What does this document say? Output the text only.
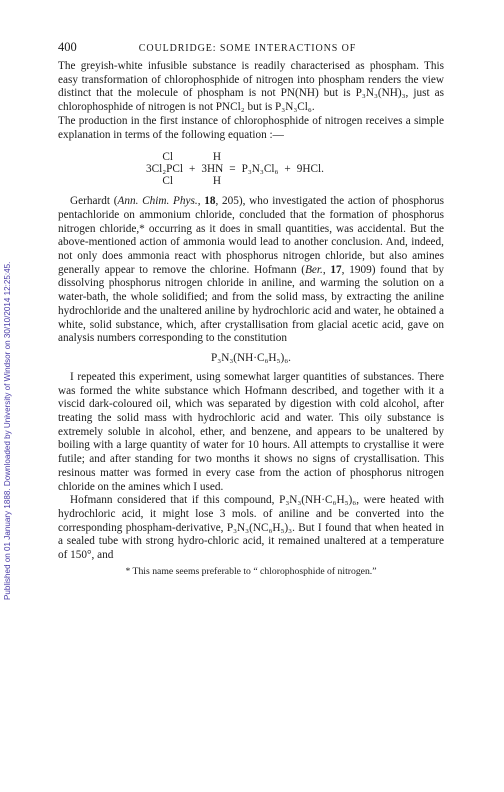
Published on 01 January 1888. Downloaded by University of Windsor on 30/10/2014 12:25:45.
400	COULDRIDGE: SOME INTERACTIONS OF

The greyish-white infusible substance is readily characterised as phospham. This easy transformation of chlorophosphide of nitrogen into phospham renders the view distinct that the molecule of phospham is not PN(NH) but is P₃N₃(NH)₃, just as chlorophosphide of nitrogen is not PNCl₂ but is P₃N₃Cl₆.

The production in the first instance of chlorophosphide of nitrogen receives a simple explanation in terms of the following equation :—

Cl	H
3Cl₂PCl + 3HN = P₃N₃Cl₆ + 9HCl.
Cl	H

Gerhardt (Ann. Chim. Phys., 18, 205), who investigated the action of phosphorus pentachloride on ammonium chloride, concluded that the formation of phosphorus nitrogen chloride,* occurring as it does in small quantities, was accidental. But the above-mentioned action of ammonia would lead to another conclusion. And, indeed, not only does ammonia react with phosphorus nitrogen chloride, but also amines generally appear to remove the chlorine. Hofmann (Ber., 17, 1909) found that by dissolving phosphorus nitrogen chloride in aniline, and warming the solution on a water-bath, the whole solidified; and from the solid mass, by extracting the aniline hydrochloride and the unaltered aniline by hydrochloric acid and water, he obtained a white, solid substance, which, after crystallisation from glacial acetic acid, gave on analysis numbers corresponding to the constitution

P₃N₃(NH·C₆H₅)₆.

I repeated this experiment, using somewhat larger quantities of substances. There was formed the white substance which Hofmann described, and together with it a viscid dark-coloured oil, which was separated by digestion with cold alcohol, after treating the solid mass with hydrochloric acid and water. This oily substance is extremely soluble in alcohol, ether, and benzene, and appears to be unaltered by boiling with a large quantity of water for 10 hours. All attempts to crystallise it were futile; and after standing for two months it shows no signs of crystallisation. This resinous matter was formed in every case from the action of phosphorus nitrogen chloride on the amines which I used.

Hofmann considered that if this compound, P₃N₃(NH·C₆H₅)₆, were heated with hydrochloric acid, it might lose 3 mols. of aniline and be converted into the corresponding phospham-derivative, P₃N₃(NC₆H₅)₃. But I found that when heated in a sealed tube with strong hydro-chloric acid, it remained unaltered at a temperature of 150°, and

* This name seems preferable to “ chlorophosphide of nitrogen.”
